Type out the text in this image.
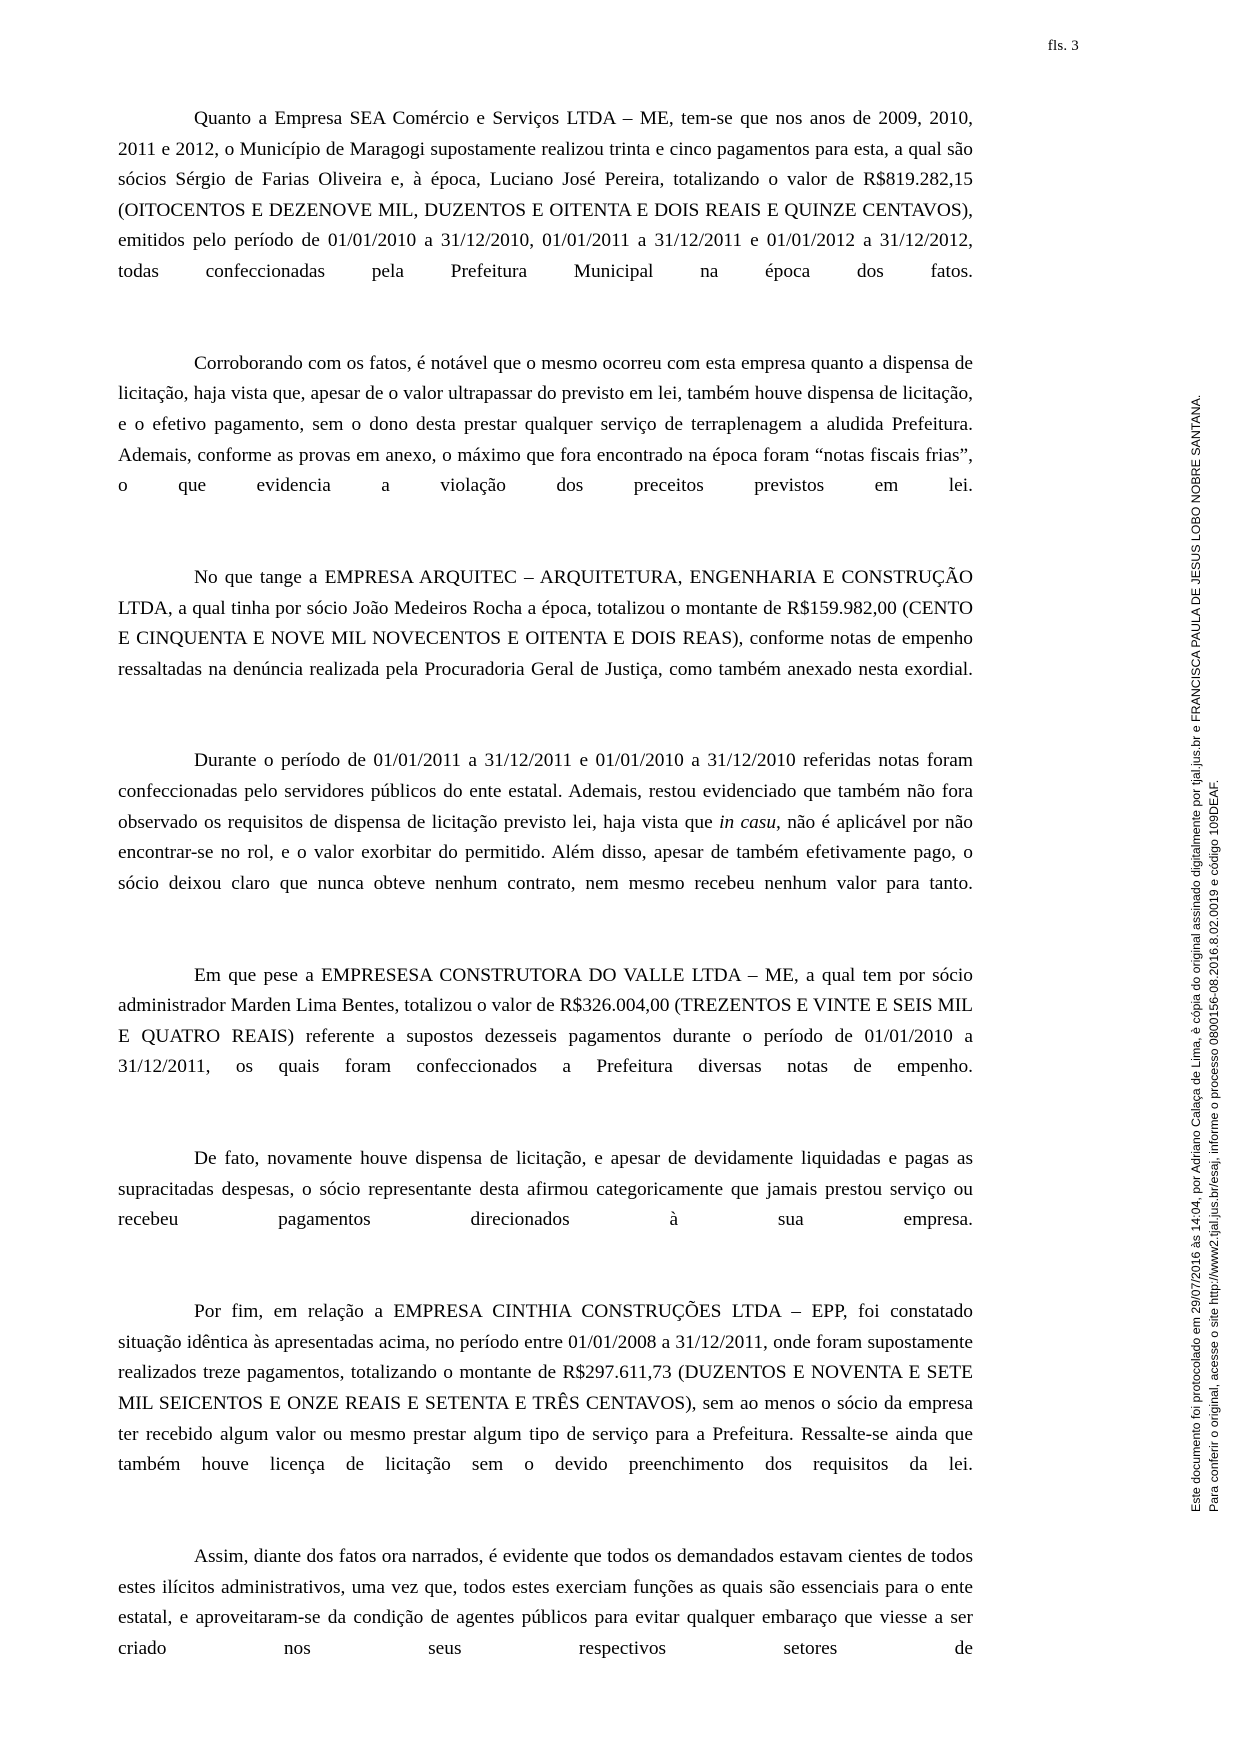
fls. 3

Quanto a Empresa SEA Comércio e Serviços LTDA – ME, tem-se que nos anos de 2009, 2010, 2011 e 2012, o Município de Maragogi supostamente realizou trinta e cinco pagamentos para esta, a qual são sócios Sérgio de Farias Oliveira e, à época, Luciano José Pereira, totalizando o valor de R$819.282,15 (OITOCENTOS E DEZENOVE MIL, DUZENTOS E OITENTA E DOIS REAIS E QUINZE CENTAVOS), emitidos pelo período de 01/01/2010 a 31/12/2010, 01/01/2011 a 31/12/2011 e 01/01/2012 a 31/12/2012, todas confeccionadas pela Prefeitura Municipal na época dos fatos.

Corroborando com os fatos, é notável que o mesmo ocorreu com esta empresa quanto a dispensa de licitação, haja vista que, apesar de o valor ultrapassar do previsto em lei, também houve dispensa de licitação, e o efetivo pagamento, sem o dono desta prestar qualquer serviço de terraplenagem a aludida Prefeitura. Ademais, conforme as provas em anexo, o máximo que fora encontrado na época foram “notas fiscais frias”, o que evidencia a violação dos preceitos previstos em lei.

No que tange a EMPRESA ARQUITEC – ARQUITETURA, ENGENHARIA E CONSTRUÇÃO LTDA, a qual tinha por sócio João Medeiros Rocha a época, totalizou o montante de R$159.982,00 (CENTO E CINQUENTA E NOVE MIL NOVECENTOS E OITENTA E DOIS REAS), conforme notas de empenho ressaltadas na denúncia realizada pela Procuradoria Geral de Justiça, como também anexado nesta exordial.

Durante o período de 01/01/2011 a 31/12/2011 e 01/01/2010 a 31/12/2010 referidas notas foram confeccionadas pelo servidores públicos do ente estatal. Ademais, restou evidenciado que também não fora observado os requisitos de dispensa de licitação previsto lei, haja vista que in casu, não é aplicável por não encontrar-se no rol, e o valor exorbitar do permitido. Além disso, apesar de também efetivamente pago, o sócio deixou claro que nunca obteve nenhum contrato, nem mesmo recebeu nenhum valor para tanto.

Em que pese a EMPRESESA CONSTRUTORA DO VALLE LTDA – ME, a qual tem por sócio administrador Marden Lima Bentes, totalizou o valor de R$326.004,00 (TREZENTOS E VINTE E SEIS MIL E QUATRO REAIS) referente a supostos dezesseis pagamentos durante o período de 01/01/2010 a 31/12/2011, os quais foram confeccionados a Prefeitura diversas notas de empenho.

De fato, novamente houve dispensa de licitação, e apesar de devidamente liquidadas e pagas as supracitadas despesas, o sócio representante desta afirmou categoricamente que jamais prestou serviço ou recebeu pagamentos direcionados à sua empresa.

Por fim, em relação a EMPRESA CINTHIA CONSTRUÇÕES LTDA – EPP, foi constatado situação idêntica às apresentadas acima, no período entre 01/01/2008 a 31/12/2011, onde foram supostamente realizados treze pagamentos, totalizando o montante de R$297.611,73 (DUZENTOS E NOVENTA E SETE MIL SEICENTOS E ONZE REAIS E SETENTA E TRÊS CENTAVOS), sem ao menos o sócio da empresa ter recebido algum valor ou mesmo prestar algum tipo de serviço para a Prefeitura. Ressalte-se ainda que também houve licença de licitação sem o devido preenchimento dos requisitos da lei.

Assim, diante dos fatos ora narrados, é evidente que todos os demandados estavam cientes de todos estes ilícitos administrativos, uma vez que, todos estes exerciam funções as quais são essenciais para o ente estatal, e aproveitaram-se da condição de agentes públicos para evitar qualquer embaraço que viesse a ser criado nos seus respectivos setores de

Este documento foi protocolado em 29/07/2016 às 14:04, por Adriano Calaça de Lima, è cópia do original assinado digitalmente por tjal.jus.br e FRANCISCA PAULA DE JESUS LOBO NOBRE SANTANA. Para conferir o original, acesse o site http://www2.tjal.jus.br/esaj, informe o processo 0800156-08.2016.8.02.0019 e código 109DEAF.
